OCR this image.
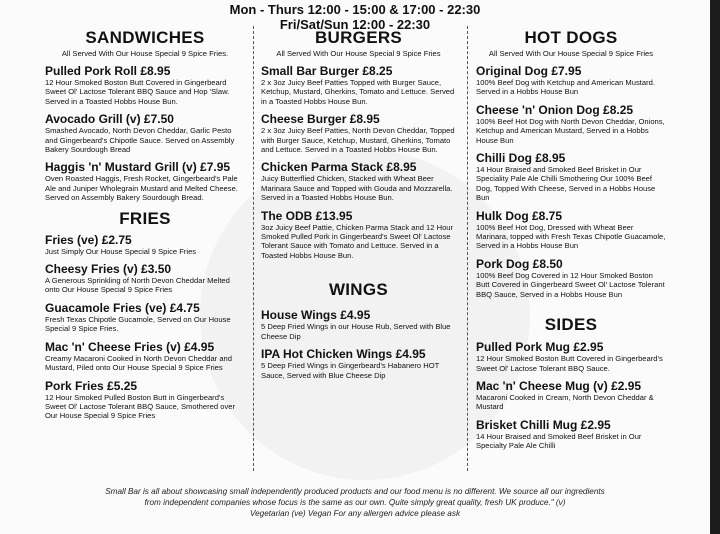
Mon - Thurs 12:00 - 15:00 & 17:00 - 22:30
Fri/Sat/Sun 12:00 - 22:30
SANDWICHES

All Served With Our House Special 9 Spice Fries.

Pulled Pork Roll £8.95

12 Hour Smoked Boston Butt Covered in Gingerbeard Sweet Ol' Lactose Tolerant BBQ Sauce and Hop 'Slaw. Served in a Toasted Hobbs House Bun.

Avocado Grill (v) £7.50

Smashed Avocado, North Devon Cheddar, Garlic Pesto and Gingerbeard's Chipotle Sauce. Served on Assembly Bakery Sourdough Bread

Haggis 'n' Mustard Grill (v) £7.95

Oven Roasted Haggis, Fresh Rocket, Gingerbeard's Pale Ale and Juniper Wholegrain Mustard and Melted Cheese. Served on Assembly Bakery Sourdough Bread.

FRIES

Fries (ve) £2.75

Just Simply Our House Special 9 Spice Fries

Cheesy Fries (v) £3.50

A Generous Sprinkling of North Devon Cheddar Melted onto Our House Special 9 Spice Fries

Guacamole Fries (ve) £4.75

Fresh Texas Chipotle Gucamole, Served on Our House Special 9 Spice Fries.

Mac 'n' Cheese Fries (v) £4.95

Creamy Macaroni Cooked in North Devon Cheddar and Mustard, Piled onto Our House Special 9 Spice Fries

Pork Fries £5.25

12 Hour Smoked Pulled Boston Butt in Gingerbeard's Sweet Ol' Lactose Tolerant BBQ Sauce, Smothered over Our House Special 9 Spice Fries

BURGERS

All Served With Our House Special 9 Spice Fries

Small Bar Burger £8.25

2 x 3oz Juicy Beef Patties Topped with Burger Sauce, Ketchup, Mustard, Gherkins, Tomato and Lettuce. Served in a Toasted Hobbs House Bun.

Cheese Burger £8.95

2 x 3oz Juicy Beef Patties, North Devon Cheddar, Topped with Burger Sauce, Ketchup, Mustard, Gherkins, Tomato and Lettuce. Served in a Toasted Hobbs House Bun.

Chicken Parma Stack £8.95

Juicy Butterflied Chicken, Stacked with Wheat Beer Marinara Sauce and Topped with Gouda and Mozzarella. Served in a Toasted Hobbs House Bun.

The ODB £13.95

3oz Juicy Beef Pattie, Chicken Parma Stack and 12 Hour Smoked Pulled Pork in Gingerbeard's Sweet Ol' Lactose Tolerant Sauce with Tomato and Lettuce. Served in a Toasted Hobbs House Bun.

WINGS

House Wings £4.95

5 Deep Fried Wings in our House Rub, Served with Blue Cheese Dip

IPA Hot Chicken Wings £4.95

5 Deep Fried Wings in Gingerbeard's Habanero HOT Sauce, Served with Blue Cheese Dip

HOT DOGS

All Served With Our House Special 9 Spice Fries

Original Dog £7.95

100% Beef Dog with Ketchup and American Mustard. Served in a Hobbs House Bun

Cheese 'n' Onion Dog £8.25

100% Beef Hot Dog with North Devon Cheddar, Onions, Ketchup and American Mustard, Served in a Hobbs House Bun

Chilli Dog £8.95

14 Hour Braised and Smoked Beef Brisket in Our Speciality Pale Ale Chilli Smothering Our 100% Beef Dog, Topped With Cheese, Served in a Hobbs House Bun

Hulk Dog £8.75

100% Beef Hot Dog, Dressed with Wheat Beer Marinara, topped with Fresh Texas Chipotle Guacamole, Served in a Hobbs House Bun

Pork Dog £8.50

100% Beef Dog Covered in 12 Hour Smoked Boston Butt Covered in Gingerbeard Sweet Ol' Lactose Tolerant BBQ Sauce, Served in a Hobbs House Bun

SIDES

Pulled Pork Mug £2.95

12 Hour Smoked Boston Butt Covered in Gingerbeard's Sweet Ol' Lactose Tolerant BBQ Sauce.

Mac 'n' Cheese Mug (v) £2.95

Macaroni Cooked in Cream, North Devon Cheddar & Mustard

Brisket Chilli Mug £2.95

14 Hour Braised and Smoked Beef Brisket in Our Specialty Pale Ale Chilli

Small Bar is all about showcasing small independently produced products and our food menu is no different. We source all our ingredients
from independent companies whose focus is the same as our own. Quite simply great quality, fresh UK produce." (v)
Vegetarian (ve) Vegan For any allergen advice please ask
